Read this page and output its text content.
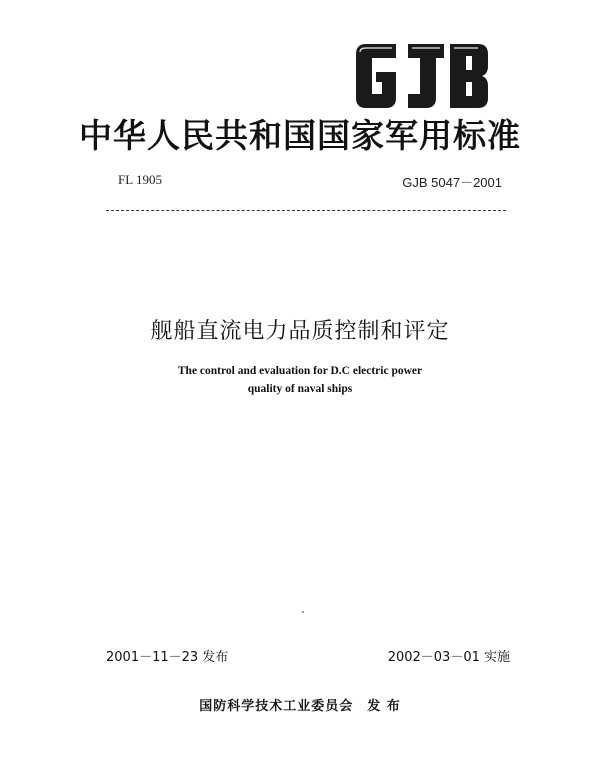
中华人民共和国国家军用标准
FL 1905	GJB 5047－2001
舰船直流电力品质控制和评定
The control and evaluation for D.C electric power
quality of naval ships
2001－11－23 发布	2002－03－01 实施
国防科学技术工业委员会　发 布
